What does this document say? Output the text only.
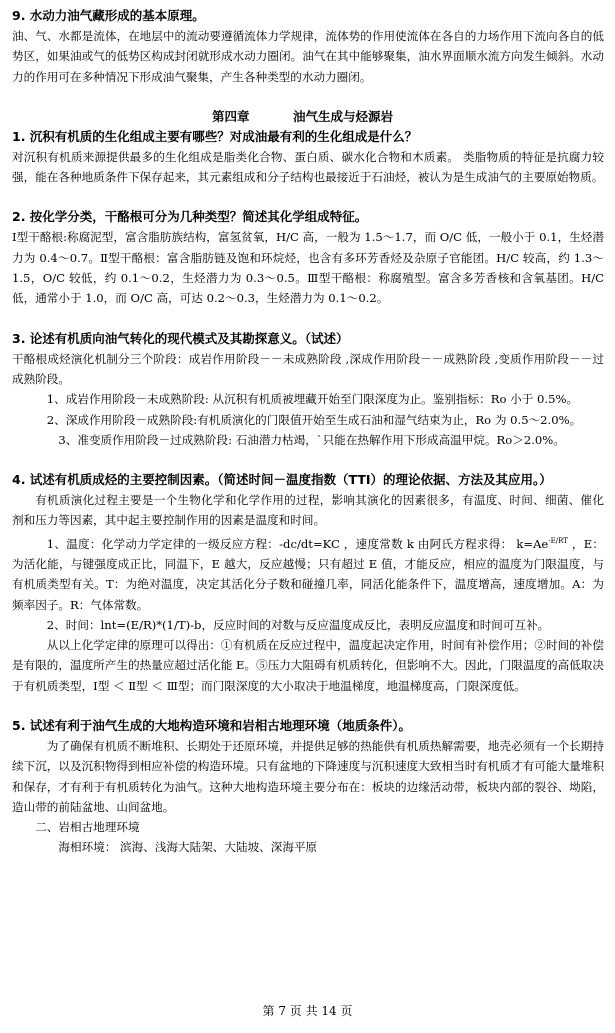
9. 水动力油气藏形成的基本原理。

油、气、水都是流体，在地层中的流动要遵循流体力学规律，流体势的作用使流体在各自的力场作用下流向各自的低势区，如果油或气的低势区构成封闭就形成水动力圈闭。油气在其中能够聚集，油水界面顺水流方向发生倾斜。水动力的作用可在多种情况下形成油气聚集，产生各种类型的水动力圈闭。

第四章	油气生成与烃源岩

1. 沉积有机质的生化组成主要有哪些？对成油最有利的生化组成是什么？

对沉积有机质来源提供最多的生化组成是脂类化合物、蛋白质、碳水化合物和木质素。 类脂物质的特征是抗腐力较强，能在各种地质条件下保存起来，其元素组成和分子结构也最接近于石油烃，被认为是生成油气的主要原始物质。

2. 按化学分类，干酪根可分为几种类型？简述其化学组成特征。

Ⅰ型干酪根:称腐泥型，富含脂肪族结构，富氢贫氧，H/C 高，一般为 1.5～1.7，而 O/C 低，一般小于 0.1，生烃潜力为 0.4～0.7。Ⅱ型干酪根：富含脂肪链及饱和环烷烃，也含有多环芳香烃及杂原子官能团。H/C 较高，约 1.3～1.5，O/C 较低，约 0.1～0.2，生烃潜力为 0.3～0.5。Ⅲ型干酪根：称腐殖型。富含多芳香核和含氧基团。H/C 低，通常小于 1.0，而 O/C 高，可达 0.2～0.3，生烃潜力为 0.1～0.2。

3. 论述有机质向油气转化的现代模式及其勘探意义。（试述）

干酪根成烃演化机制分三个阶段：成岩作用阶段－－未成熟阶段 ,深成作用阶段－－成熟阶段 ,变质作用阶段－－过成熟阶段。

1、成岩作用阶段－未成熟阶段: 从沉积有机质被埋藏开始至门限深度为止。鉴别指标：Ro 小于 0.5%。

2、深成作用阶段－成熟阶段:有机质演化的门限值开始至生成石油和湿气结束为止，Ro 为 0.5～2.0%。

3、准变质作用阶段－过成熟阶段: 石油潜力枯竭，`只能在热解作用下形成高温甲烷。Ro＞2.0%。

4. 试述有机质成烃的主要控制因素。（简述时间－温度指数（TTI）的理论依据、方法及其应用。）

有机质演化过程主要是一个生物化学和化学作用的过程，影响其演化的因素很多，有温度、时间、细菌、催化 剂和压力等因素，其中起主要控制作用的因素是温度和时间。

1、温度：化学动力学定律的一级反应方程：-dc/dt=KC ，速度常数 k 由阿氏方程求得： $k=Ae^{-E/RT}$ ，E：为活化能，与键强度成正比，同温下，E 越大，反应越慢；只有超过 E 值，才能反应，相应的温度为门限温度，与有机质类型有关。T：为绝对温度，决定其活化分子数和碰撞几率，同活化能条件下，温度增高，速度增加。A：为频率因子。R：气体常数。

2、时间：lnt=(E/R)*(1/T)-b，反应时间的对数与反应温度成反比，表明反应温度和时间可互补。

从以上化学定律的原理可以得出：①有机质在反应过程中，温度起决定作用，时间有补偿作用；②时间的补偿是有限的，温度所产生的热量应超过活化能 E。⑤压力大阻碍有机质转化，但影响不大。因此，门限温度的高低取决于有机质类型，Ⅰ型 ＜ Ⅱ型 ＜ Ⅲ型；而门限深度的大小取决于地温梯度，地温梯度高，门限深度低。

5. 试述有利于油气生成的大地构造环境和岩相古地理环境（地质条件）。

为了确保有机质不断堆积、长期处于还原环境，并提供足够的热能供有机质热解需要，地壳必须有一个长期持续下沉，以及沉积物得到相应补偿的构造环境。只有盆地的下降速度与沉积速度大致相当时有机质才有可能大量堆积和保存，才有利于有机质转化为油气。这种大地构造环境主要分布在：板块的边缘活动带，板块内部的裂谷、坳陷，造山带的前陆盆地、山间盆地。

二、岩相古地理环境

海相环境： 滨海、浅海大陆架、大陆坡、深海平原

第 7 页 共 14 页
